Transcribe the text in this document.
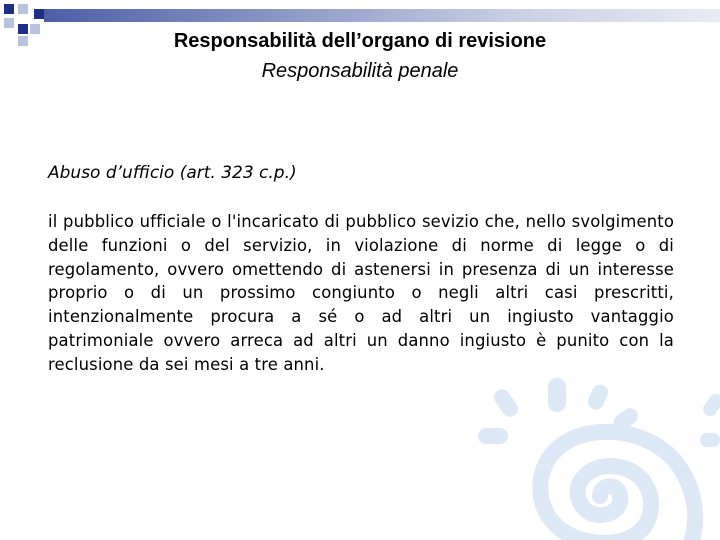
Responsabilità dell’organo di revisione
Responsabilità penale
Abuso d’ufficio (art. 323 c.p.)
il pubblico ufficiale o l'incaricato di pubblico sevizio che, nello svolgimento delle funzioni o del servizio, in violazione di norme di legge o di regolamento, ovvero omettendo di astenersi in presenza di un interesse proprio o di un prossimo congiunto o negli altri casi prescritti, intenzionalmente procura a sé o ad altri un ingiusto vantaggio patrimoniale ovvero arreca ad altri un danno ingiusto è punito con la reclusione da sei mesi a tre anni.
